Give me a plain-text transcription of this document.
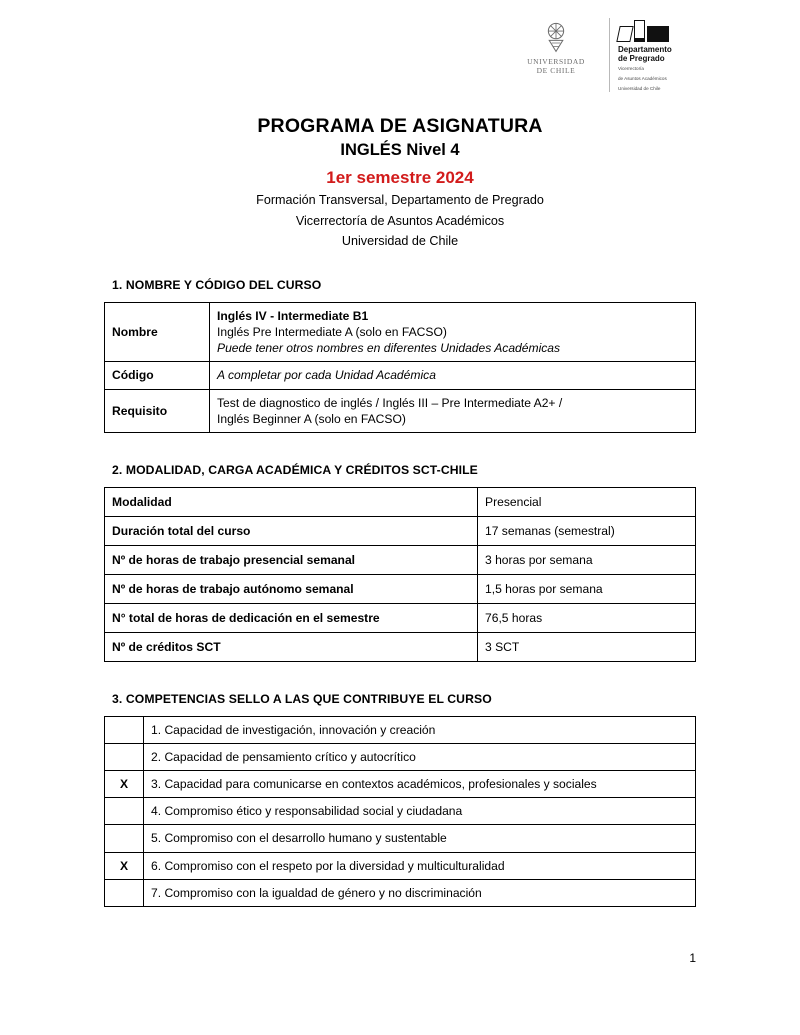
UNIVERSIDAD
DE CHILE
Departamento
de Pregrado
Vicerrectoría
de Asuntos Académicos
Universidad de Chile
PROGRAMA DE ASIGNATURA
INGLÉS Nivel 4
1er semestre 2024
Formación Transversal, Departamento de Pregrado
Vicerrectoría de Asuntos Académicos
Universidad de Chile
1. NOMBRE Y CÓDIGO DEL CURSO
Nombre	Inglés IV - Intermediate B1
Inglés Pre Intermediate A (solo en FACSO)
Puede tener otros nombres en diferentes Unidades Académicas

Código	A completar por cada Unidad Académica

Requisito	Test de diagnostico de inglés / Inglés III – Pre Intermediate A2+ /
Inglés Beginner A (solo en FACSO)
2. MODALIDAD, CARGA ACADÉMICA Y CRÉDITOS SCT-CHILE
Modalidad	Presencial
Duración total del curso	17 semanas (semestral)
Nº de horas de trabajo presencial semanal	3 horas por semana
Nº de horas de trabajo autónomo semanal	1,5 horas por semana
N° total de horas de dedicación en el semestre	76,5 horas
Nº de créditos SCT	3 SCT
3. COMPETENCIAS SELLO A LAS QUE CONTRIBUYE EL CURSO
	1. Capacidad de investigación, innovación y creación
	2. Capacidad de pensamiento crítico y autocrítico
X	3. Capacidad para comunicarse en contextos académicos, profesionales y sociales
	4. Compromiso ético y responsabilidad social y ciudadana
	5. Compromiso con el desarrollo humano y sustentable
X	6. Compromiso con el respeto por la diversidad y multiculturalidad
	7. Compromiso con la igualdad de género y no discriminación
1
